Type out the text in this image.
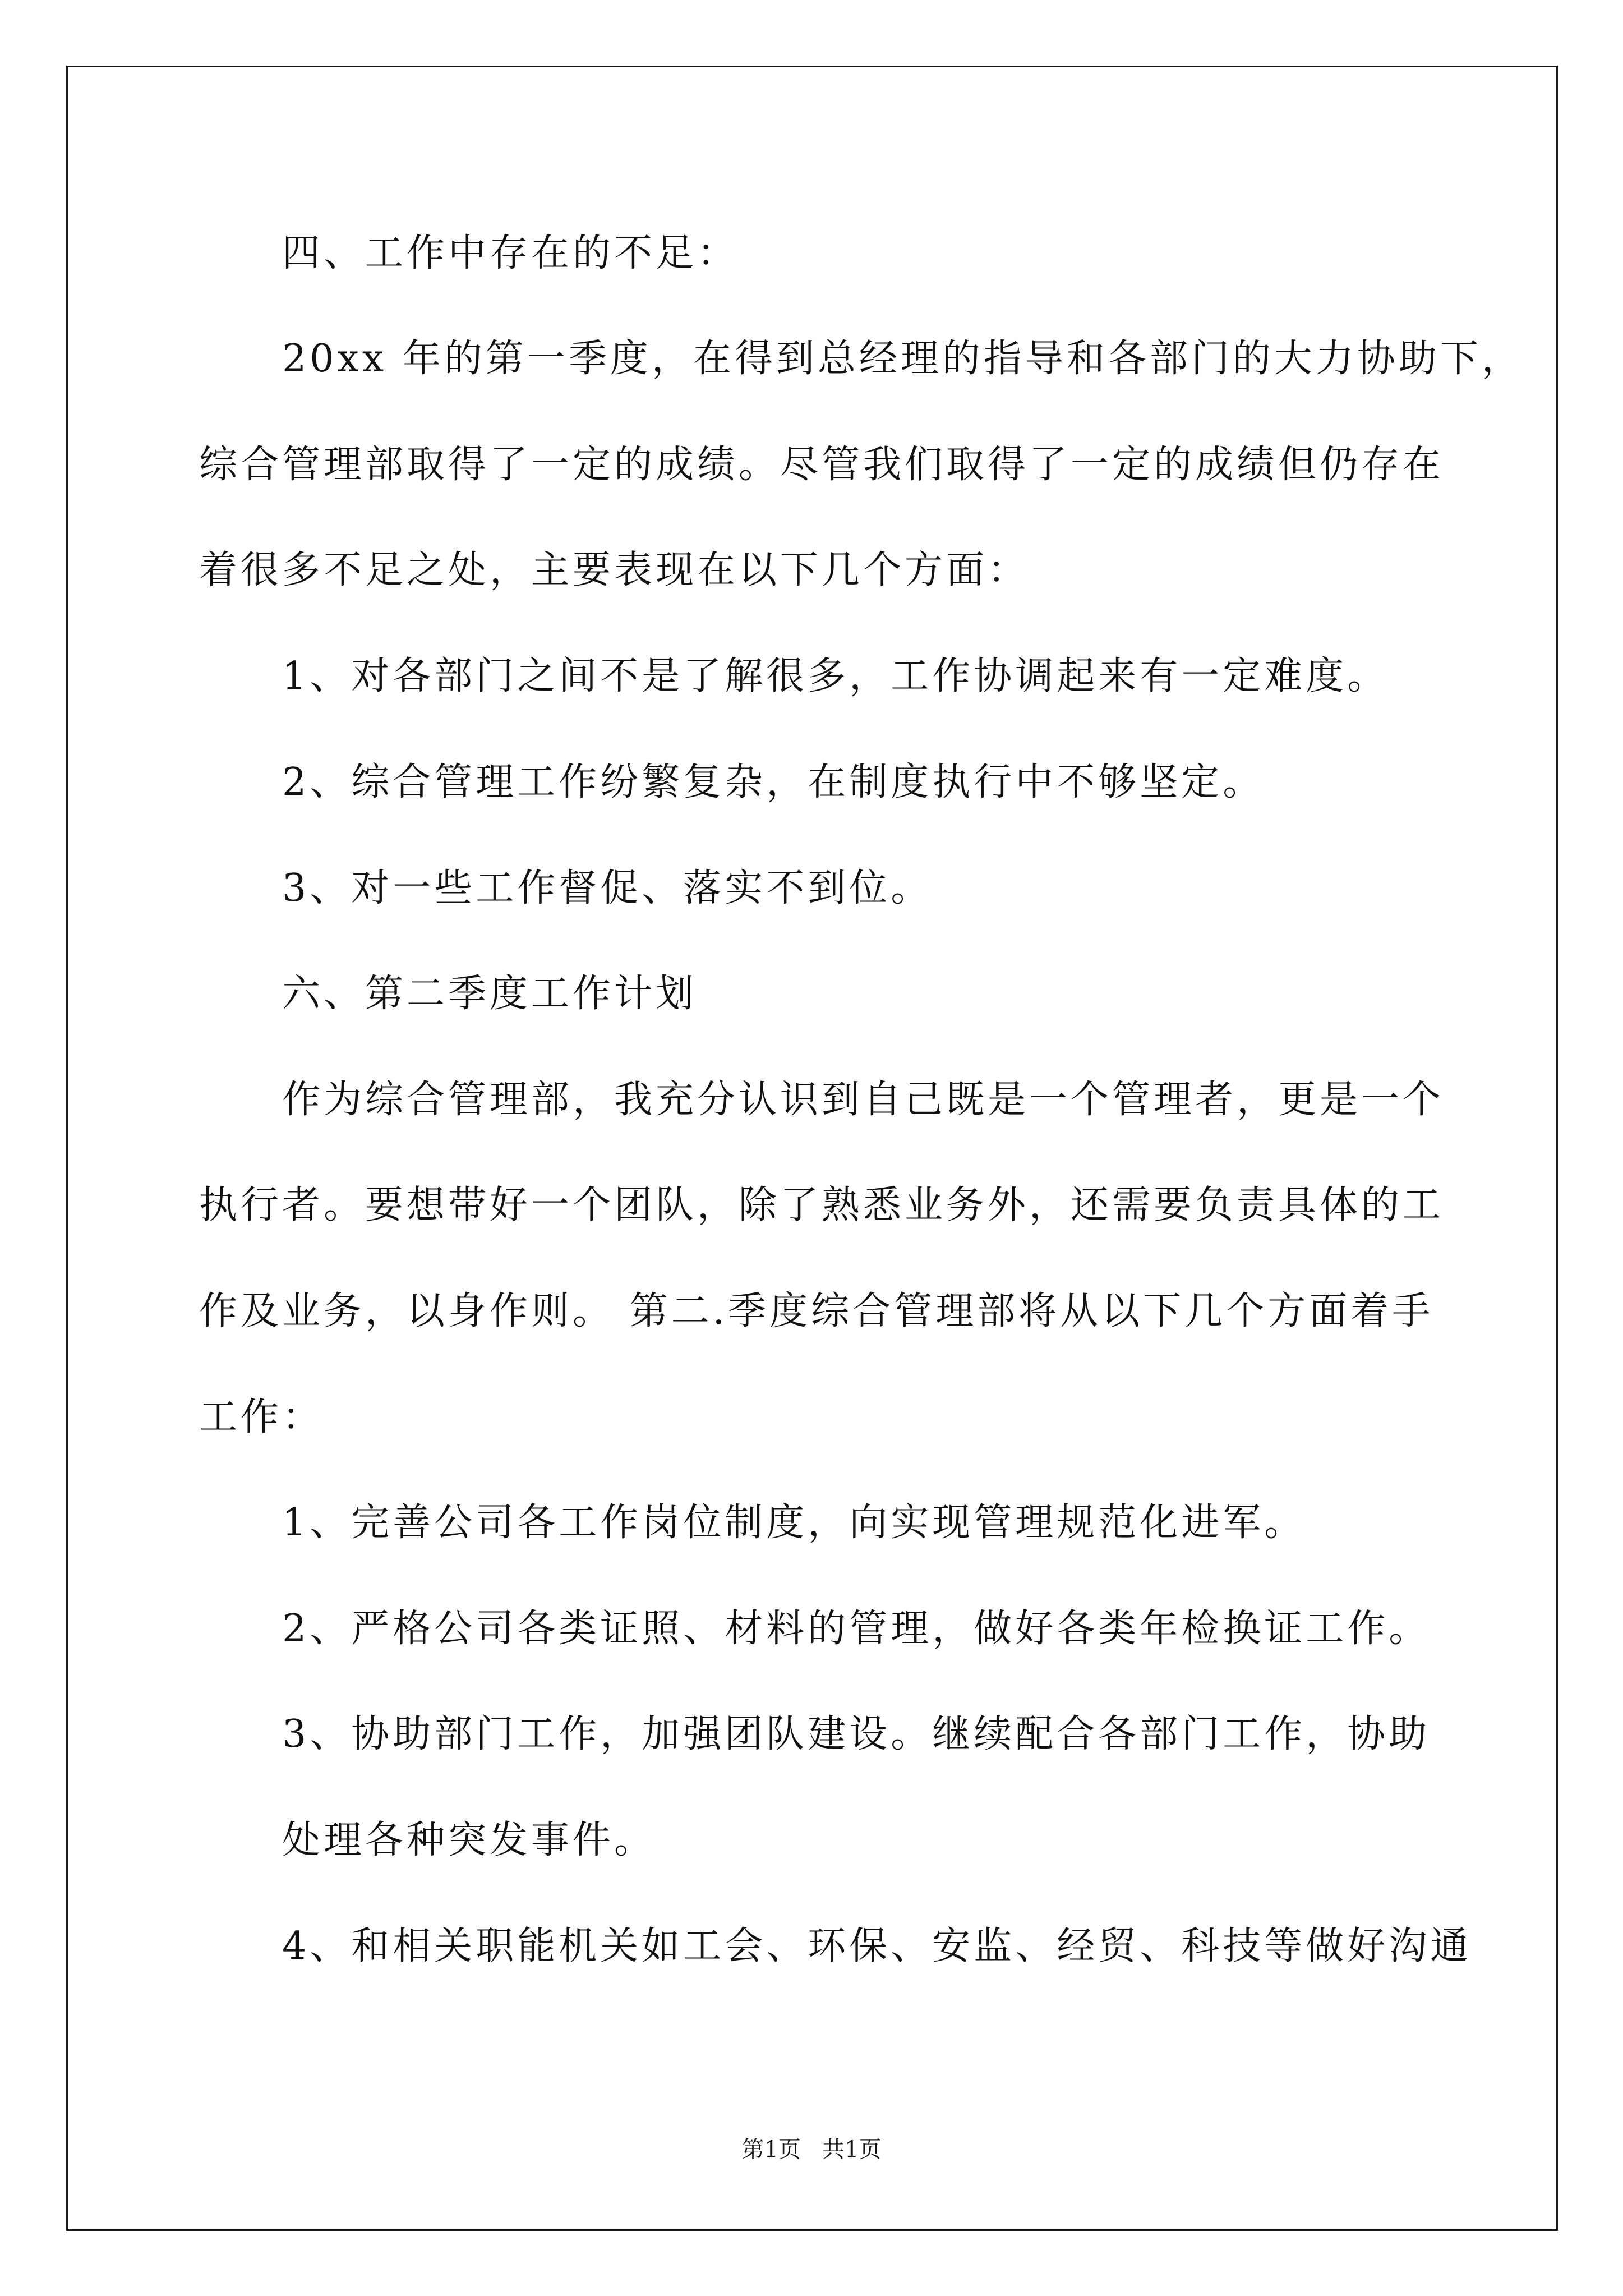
四、工作中存在的不足：
20xx 年的第一季度，在得到总经理的指导和各部门的大力协助下，
综合管理部取得了一定的成绩。尽管我们取得了一定的成绩但仍存在
着很多不足之处，主要表现在以下几个方面：
1、对各部门之间不是了解很多，工作协调起来有一定难度。
2、综合管理工作纷繁复杂，在制度执行中不够坚定。
3、对一些工作督促、落实不到位。
六、第二季度工作计划
作为综合管理部，我充分认识到自己既是一个管理者，更是一个
执行者。要想带好一个团队，除了熟悉业务外，还需要负责具体的工
作及业务，以身作则。 第二.季度综合管理部将从以下几个方面着手
工作：
1、完善公司各工作岗位制度，向实现管理规范化进军。
2、严格公司各类证照、材料的管理，做好各类年检换证工作。
3、协助部门工作，加强团队建设。继续配合各部门工作，协助
处理各种突发事件。
4、和相关职能机关如工会、环保、安监、经贸、科技等做好沟通
第1页   共1页
